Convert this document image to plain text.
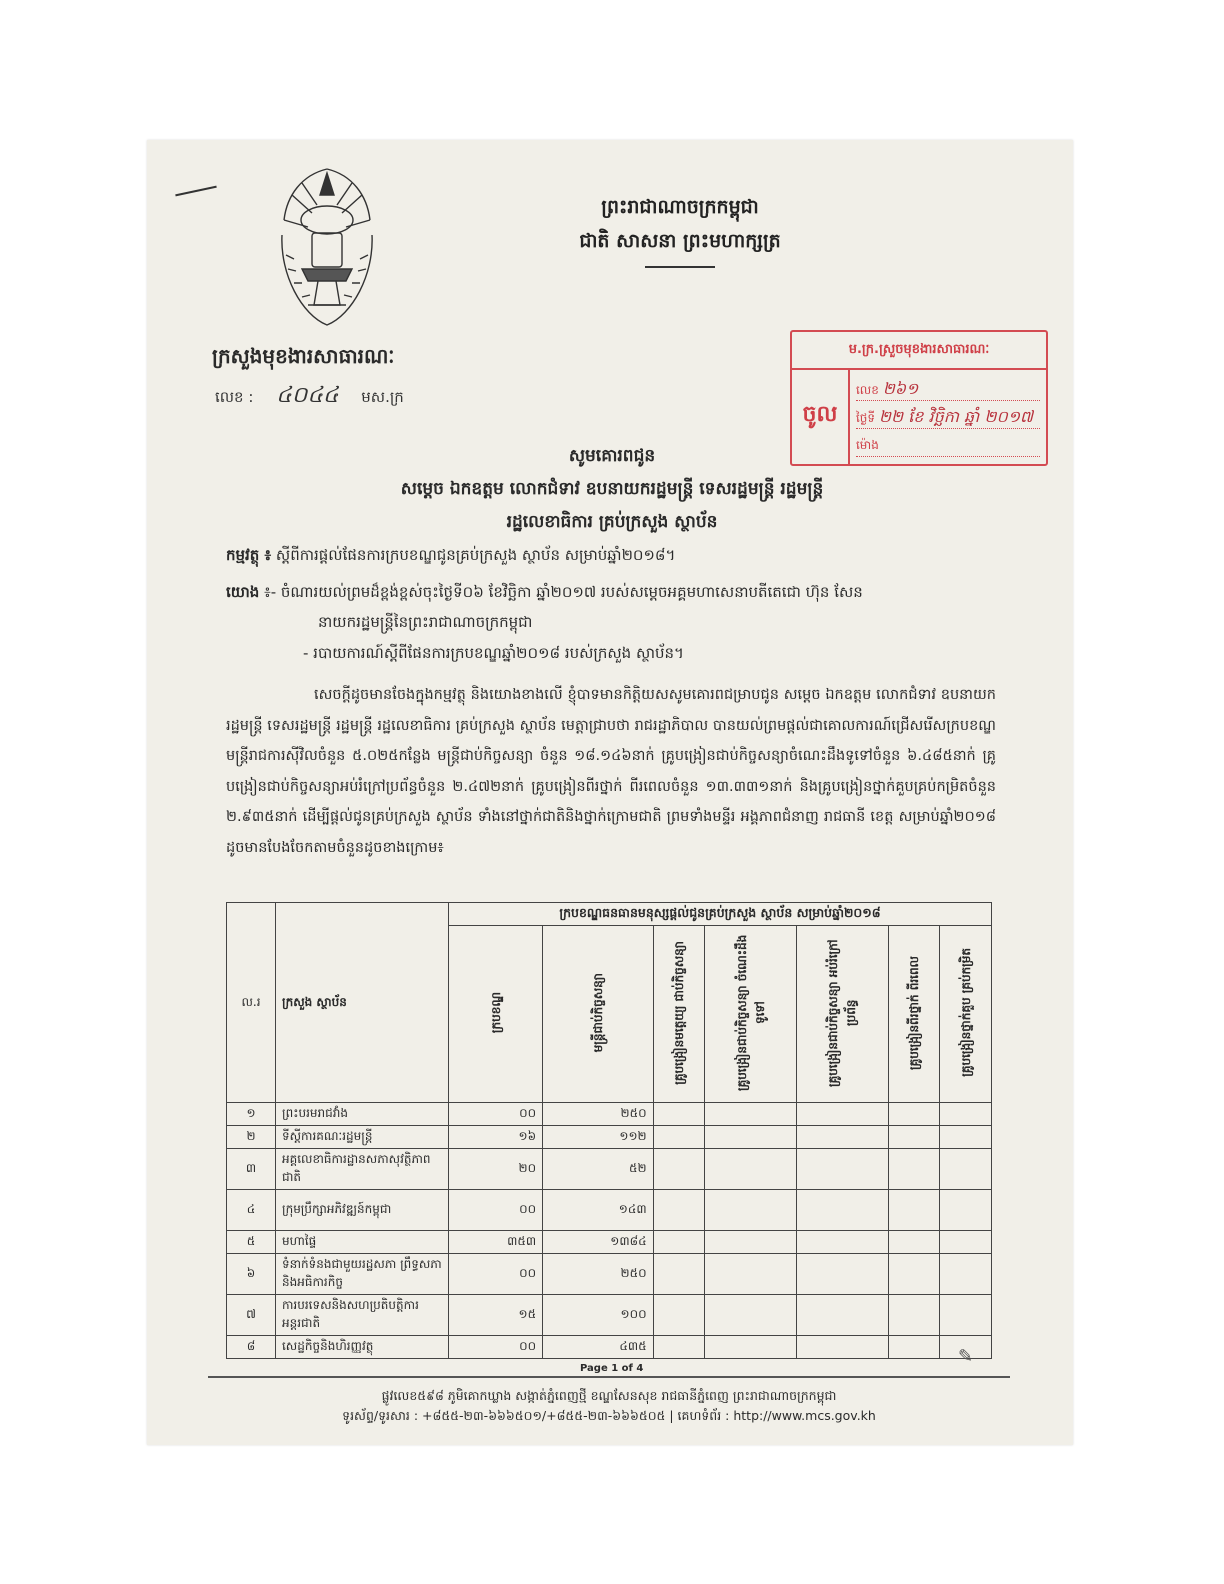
ព្រះរាជាណាចក្រកម្ពុជា
ជាតិ សាសនា ព្រះមហាក្សត្រ
ក្រសួងមុខងារសាធារណៈ
លេខ : ៤០៤៤ មស.ក្រ
ម.ក្រ.ស្រួចមុខងារសាធារណៈ
ចូល
លេខ ២៦១
ថ្ងៃទី ២២ ខែ វិច្ឆិកា ឆ្នាំ ២០១៧
ម៉ោង
សូមគោរពជូន
សម្តេច ឯកឧត្តម លោកជំទាវ ឧបនាយករដ្ឋមន្ត្រី ទេសរដ្ឋមន្ត្រី រដ្ឋមន្ត្រី
រដ្ឋលេខាធិការ គ្រប់ក្រសួង ស្ថាប័ន
កម្មវត្ថុ ៖ ស្តីពីការផ្តល់ផែនការក្របខណ្ឌជូនគ្រប់ក្រសួង ស្ថាប័ន សម្រាប់ឆ្នាំ២០១៨។
យោង ៖- ចំណារយល់ព្រមដ៏ខ្ពង់ខ្ពស់ចុះថ្ងៃទី០៦ ខែវិច្ឆិកា ឆ្នាំ២០១៧ របស់សម្តេចអគ្គមហាសេនាបតីតេជោ ហ៊ុន សែន
នាយករដ្ឋមន្ត្រីនៃព្រះរាជាណាចក្រកម្ពុជា
- របាយការណ៍ស្តីពីផែនការក្របខណ្ឌឆ្នាំ២០១៨ របស់ក្រសួង ស្ថាប័ន។
សេចក្តីដូចមានចែងក្នុងកម្មវត្ថុ និងយោងខាងលើ ខ្ញុំបាទមានកិត្តិយសសូមគោរពជម្រាបជូន សម្តេច ឯកឧត្តម លោកជំទាវ ឧបនាយករដ្ឋមន្ត្រី ទេសរដ្ឋមន្ត្រី រដ្ឋមន្ត្រី រដ្ឋលេខាធិការ គ្រប់ក្រសួង ស្ថាប័ន មេត្តាជ្រាបថា រាជរដ្ឋាភិបាល បានយល់ព្រមផ្តល់ជាគោលការណ៍ជ្រើសរើសក្របខណ្ឌមន្ត្រីរាជការស៊ីវិលចំនួន ៥.០២៥កន្លែង មន្ត្រីជាប់កិច្ចសន្យា ចំនួន ១៨.១៤៦នាក់ គ្រូបង្រៀនជាប់កិច្ចសន្យាចំណេះដឹងទូទៅចំនួន ៦.៤៨៥នាក់ គ្រូបង្រៀនជាប់កិច្ចសន្យាអប់រំក្រៅប្រព័ន្ធចំនួន ២.៤៧២នាក់ គ្រូបង្រៀនពីរថ្នាក់ ពីរពេលចំនួន ១៣.៣៣១នាក់ និងគ្រូបង្រៀនថ្នាក់គួបគ្រប់កម្រិតចំនួន ២.៩៣៥នាក់ ដើម្បីផ្តល់ជូនគ្រប់ក្រសួង ស្ថាប័ន ទាំងនៅថ្នាក់ជាតិនិងថ្នាក់ក្រោមជាតិ ព្រមទាំងមន្ទីរ អង្គភាពជំនាញ រាជធានី ខេត្ត សម្រាប់ឆ្នាំ២០១៨ ដូចមានបែងចែកតាមចំនួនដូចខាងក្រោម៖
ល.រ	ក្រសួង ស្ថាប័ន	ក្របខណ្ឌធនធានមនុស្សផ្តល់ជូនគ្រប់ក្រសួង ស្ថាប័ន សម្រាប់ឆ្នាំ២០១៨						
		ក្របខណ្ឌ	មន្ត្រីជាប់កិច្ចសន្យា	គ្រូបង្រៀនមត្តេយ្យ ជាប់កិច្ចសន្យា	គ្រូបង្រៀនជាប់កិច្ចសន្យា ចំណេះដឹងទូទៅ	គ្រូបង្រៀនជាប់កិច្ចសន្យា អប់រំក្រៅប្រព័ន្ធ	គ្រូបង្រៀនពីរថ្នាក់ ពីរពេល	គ្រូបង្រៀនថ្នាក់គួប គ្រប់កម្រិត
១	ព្រះបរមរាជវាំង	០០	២៥០					
២	ទីស្តីការគណៈរដ្ឋមន្ត្រី	១៦	១១២					
៣	អគ្គលេខាធិការដ្ឋានសភាសុវត្ថិភាពជាតិ	២០	៥២					
៤	ក្រុមប្រឹក្សាអភិវឌ្ឍន៍កម្ពុជា	០០	១៤៣					
៥	មហាផ្ទៃ	៣៥៣	១៣៨៤					
៦	ទំនាក់ទំនងជាមួយរដ្ឋសភា ព្រឹទ្ធសភានិងអធិការកិច្ច	០០	២៥០					
៧	ការបរទេសនិងសហប្រតិបត្តិការ អន្តរជាតិ	១៥	១០០					
៨	សេដ្ឋកិច្ចនិងហិរញ្ញវត្ថុ	០០	៤៣៥					
Page 1 of 4
✎
ផ្លូវលេខ៥៩៨ ភូមិគោកឃ្លាង សង្កាត់ភ្នំពេញថ្មី ខណ្ឌសែនសុខ រាជធានីភ្នំពេញ ព្រះរាជាណាចក្រកម្ពុជា
ទូរស័ព្ទ/ទូរសារ : +៨៥៥-២៣-៦៦៦៥០១/+៨៥៥-២៣-៦៦៦៥០៥ | គេហទំព័រ : http://www.mcs.gov.kh
